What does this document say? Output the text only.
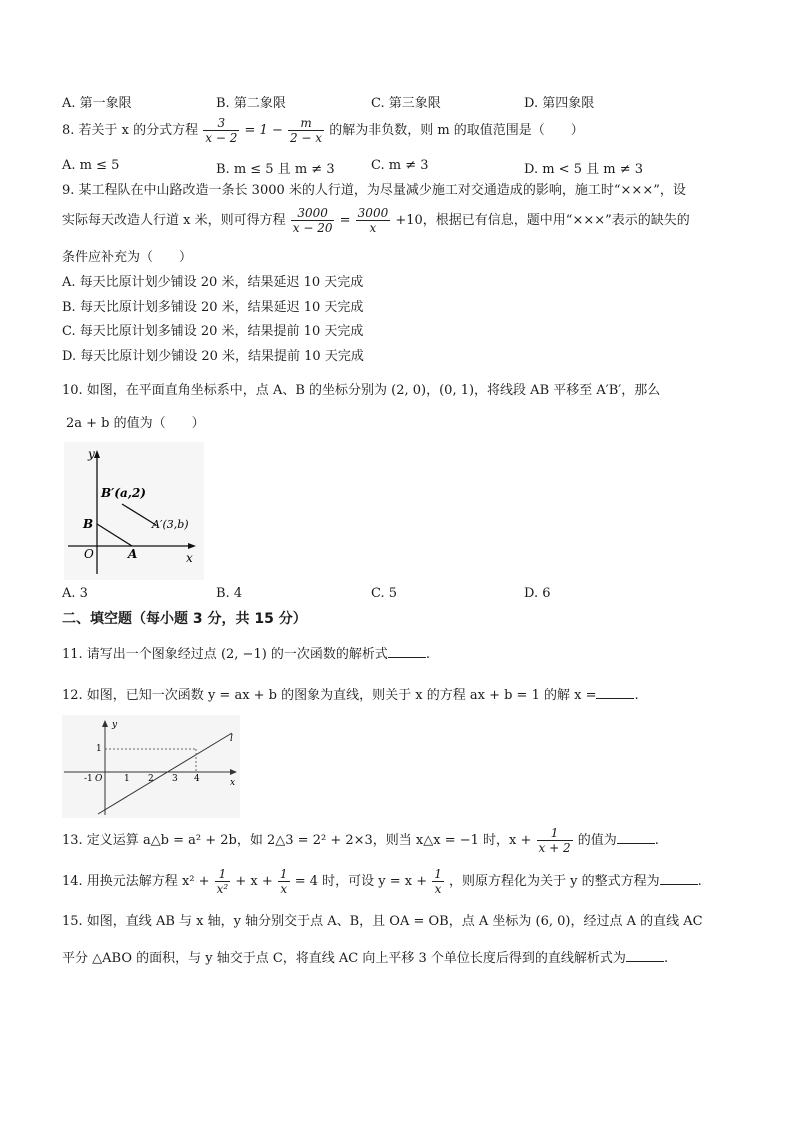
A. 第一象限	B. 第二象限	C. 第三象限	D. 第四象限
8. 若关于 x 的分式方程 $\frac{3}{x - 2} = 1 - \frac{m}{2 - x}$ 的解为非负数，则 m 的取值范围是（　　）
A. m ≤ 5	B. m ≤ 5 且 m ≠ 3	C. m ≠ 3	D. m < 5 且 m ≠ 3
9. 某工程队在中山路改造一条长 3000 米的人行道，为尽量减少施工对交通造成的影响，施工时“×××”，设
实际每天改造人行道 x 米，则可得方程 $\frac{3000}{x - 20} = \frac{3000}{x} +10$，根据已有信息，题中用“×××”表示的缺失的
条件应补充为（　　）
A. 每天比原计划少铺设 20 米，结果延迟 10 天完成
B. 每天比原计划多铺设 20 米，结果延迟 10 天完成
C. 每天比原计划多铺设 20 米，结果提前 10 天完成
D. 每天比原计划少铺设 20 米，结果提前 10 天完成
10. 如图，在平面直角坐标系中，点 A、B 的坐标分别为 (2, 0)，(0, 1)，将线段 AB 平移至 A′B′，那么
2a + b 的值为（　　）
y
x
O
B
A
B′(a,2)
A′(3,b)
A. 3	B. 4	C. 5	D. 6
二、填空题（每小题 3 分，共 15 分）
11. 请写出一个图象经过点 (2, −1) 的一次函数的解析式	.
12. 如图，已知一次函数 y = ax + b 的图象为直线，则关于 x 的方程 ax + b = 1 的解 x =	.
y
x
l
1
-1 O 1 2 3 4
13. 定义运算 a△b = a² + 2b，如 2△3 = 2² + 2×3，则当 x△x = −1 时，$x + \frac{1}{x + 2}$ 的值为	.
14. 用换元法解方程 $x^2 + \frac{1}{\text{x²}} + x + \frac{1}{x} = 4$ 时，可设 $y = x + \frac{1}{x}$ ，则原方程化为关于 y 的整式方程为	.
15. 如图，直线 AB 与 x 轴，y 轴分别交于点 A、B，且 OA = OB，点 A 坐标为 (6, 0)，经过点 A 的直线 AC
平分 △ABO 的面积，与 y 轴交于点 C，将直线 AC 向上平移 3 个单位长度后得到的直线解析式为	.
